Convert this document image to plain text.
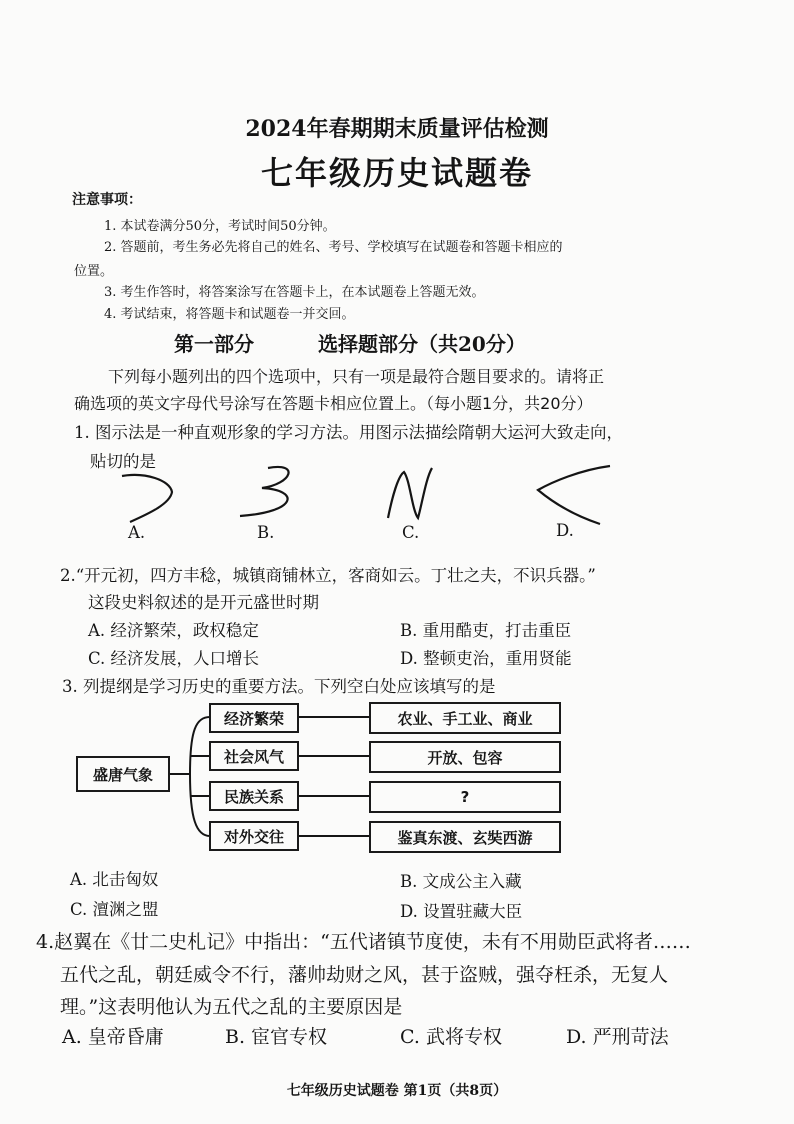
2024年春期期末质量评估检测
七年级历史试题卷
注意事项：
1. 本试卷满分50分，考试时间50分钟。
2. 答题前，考生务必先将自己的姓名、考号、学校填写在试题卷和答题卡相应的
位置。
3. 考生作答时，将答案涂写在答题卡上，在本试题卷上答题无效。
4. 考试结束，将答题卡和试题卷一并交回。
第一部分	选择题部分（共20分）
下列每小题列出的四个选项中，只有一项是最符合题目要求的。请将正
确选项的英文字母代号涂写在答题卡相应位置上。（每小题1分，共20分）
1. 图示法是一种直观形象的学习方法。用图示法描绘隋朝大运河大致走向，
贴切的是
A.	B.	C.	D.
2.“开元初，四方丰稔，城镇商铺林立，客商如云。丁壮之夫，不识兵器。”
这段史料叙述的是开元盛世时期
A. 经济繁荣，政权稳定	B. 重用酷吏，打击重臣
C. 经济发展，人口增长	D. 整顿吏治，重用贤能
3. 列提纲是学习历史的重要方法。下列空白处应该填写的是
盛唐气象
经济繁荣
社会风气
民族关系
对外交往
农业、手工业、商业
开放、包容
?
鉴真东渡、玄奘西游
A. 北击匈奴	B. 文成公主入藏
C. 澶渊之盟	D. 设置驻藏大臣
4.赵翼在《廿二史札记》中指出：“五代诸镇节度使，未有不用勋臣武将者……
五代之乱，朝廷威令不行，藩帅劫财之风，甚于盗贼，强夺枉杀，无复人
理。”这表明他认为五代之乱的主要原因是
A. 皇帝昏庸	B. 宦官专权	C. 武将专权	D. 严刑苛法
七年级历史试题卷 第1页（共8页）
